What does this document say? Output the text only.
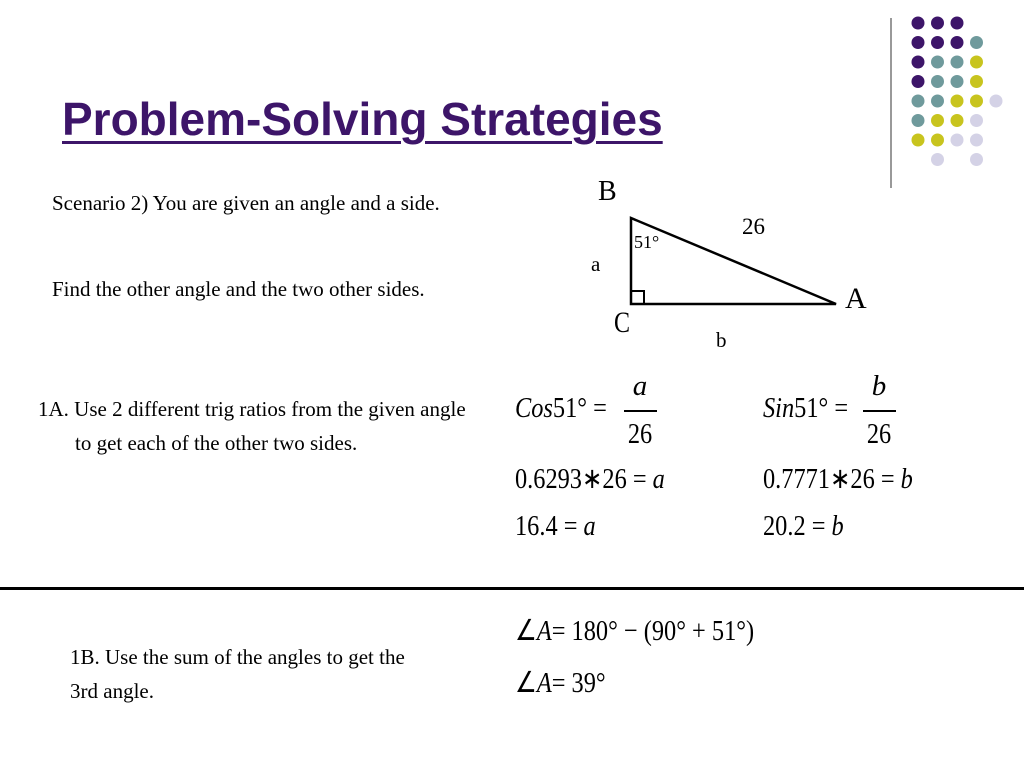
Problem-Solving Strategies
Scenario 2) You are given an angle and a side.
Find the other angle and the two other sides.
B
26
51°
a
A
C
b
1A. Use 2 different trig ratios from the given angle to get each of the other two sides.
Cos51° =
a
26
0.6293∗26 = a
16.4 = a
Sin51° =
b
26
0.7771∗26 = b
20.2 = b
1B. Use the sum of the angles to get the 3rd angle.
∠A= 180° − (90° + 51°)
∠A= 39°
